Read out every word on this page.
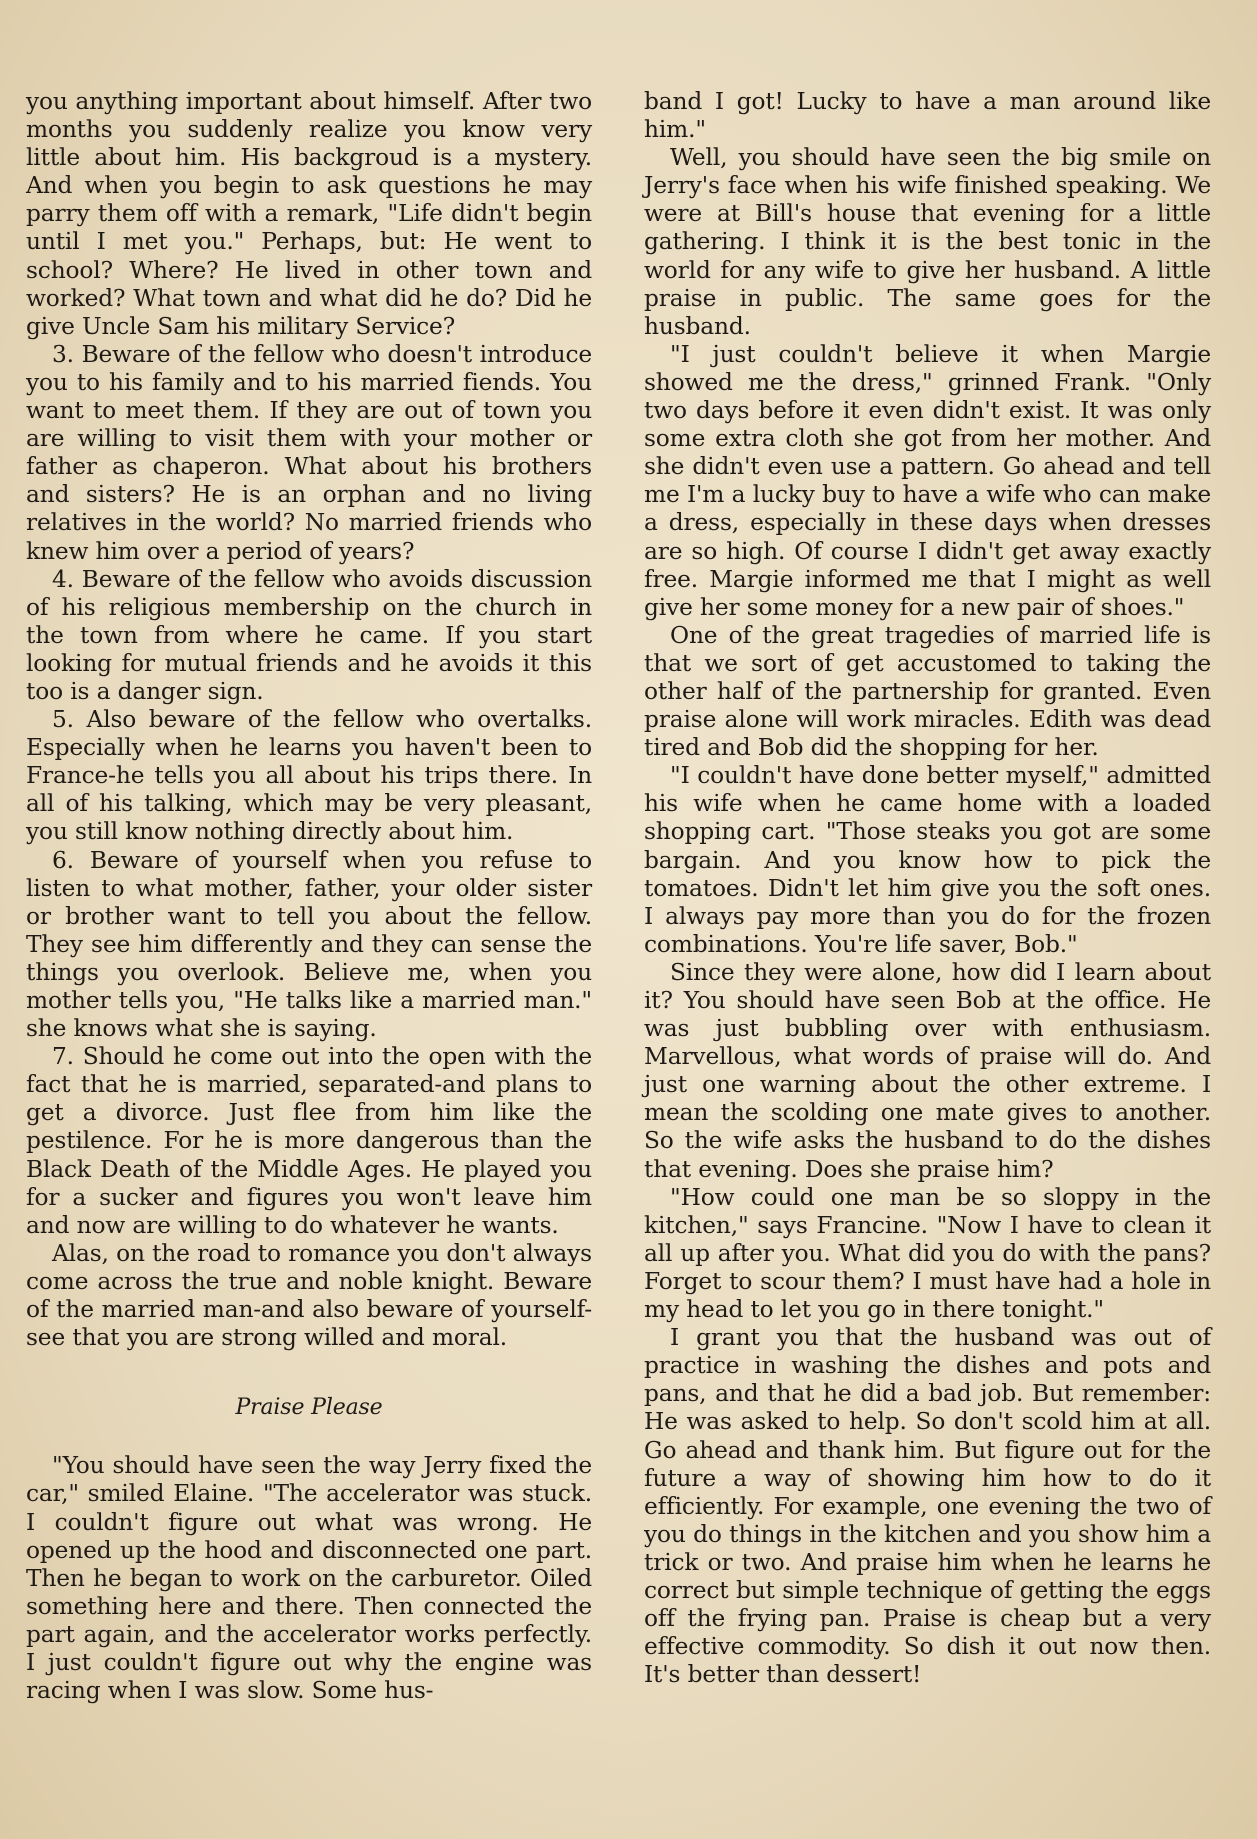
you anything important about himself. After two months you suddenly realize you know very little about him. His backgroud is a mystery. And when you begin to ask questions he may parry them off with a remark, "Life didn't begin until I met you." Perhaps, but: He went to school? Where? He lived in other town and worked? What town and what did he do? Did he give Uncle Sam his military Service?

3. Beware of the fellow who doesn't introduce you to his family and to his married fiends. You want to meet them. If they are out of town you are willing to visit them with your mother or father as chaperon. What about his brothers and sisters? He is an orphan and no living relatives in the world? No married friends who knew him over a period of years?

4. Beware of the fellow who avoids discussion of his religious membership on the church in the town from where he came. If you start looking for mutual friends and he avoids it this too is a danger sign.

5. Also beware of the fellow who overtalks. Especially when he learns you haven't been to France-he tells you all about his trips there. In all of his talking, which may be very pleasant, you still know nothing directly about him.

6. Beware of yourself when you refuse to listen to what mother, father, your older sister or brother want to tell you about the fellow. They see him differently and they can sense the things you overlook. Believe me, when you mother tells you, "He talks like a married man." she knows what she is saying.

7. Should he come out into the open with the fact that he is married, separated-and plans to get a divorce. Just flee from him like the pestilence. For he is more dangerous than the Black Death of the Middle Ages. He played you for a sucker and figures you won't leave him and now are willing to do whatever he wants.

Alas, on the road to romance you don't always come across the true and noble knight. Beware of the married man-and also beware of yourself-see that you are strong willed and moral.

Praise Please

"You should have seen the way Jerry fixed the car," smiled Elaine. "The accelerator was stuck. I couldn't figure out what was wrong. He opened up the hood and disconnected one part. Then he began to work on the carburetor. Oiled something here and there. Then connected the part again, and the accelerator works perfectly. I just couldn't figure out why the engine was racing when I was slow. Some hus-

band I got! Lucky to have a man around like him."

Well, you should have seen the big smile on Jerry's face when his wife finished speaking. We were at Bill's house that evening for a little gathering. I think it is the best tonic in the world for any wife to give her husband. A little praise in public. The same goes for the husband.

"I just couldn't believe it when Margie showed me the dress," grinned Frank. "Only two days before it even didn't exist. It was only some extra cloth she got from her mother. And she didn't even use a pattern. Go ahead and tell me I'm a lucky buy to have a wife who can make a dress, especially in these days when dresses are so high. Of course I didn't get away exactly free. Margie informed me that I might as well give her some money for a new pair of shoes."

One of the great tragedies of married life is that we sort of get accustomed to taking the other half of the partnership for granted. Even praise alone will work miracles. Edith was dead tired and Bob did the shopping for her.

"I couldn't have done better myself," admitted his wife when he came home with a loaded shopping cart. "Those steaks you got are some bargain. And you know how to pick the tomatoes. Didn't let him give you the soft ones. I always pay more than you do for the frozen combinations. You're life saver, Bob."

Since they were alone, how did I learn about it? You should have seen Bob at the office. He was just bubbling over with enthusiasm. Marvellous, what words of praise will do. And just one warning about the other extreme. I mean the scolding one mate gives to another. So the wife asks the husband to do the dishes that evening. Does she praise him?

"How could one man be so sloppy in the kitchen," says Francine. "Now I have to clean it all up after you. What did you do with the pans? Forget to scour them? I must have had a hole in my head to let you go in there tonight."

I grant you that the husband was out of practice in washing the dishes and pots and pans, and that he did a bad job. But remember: He was asked to help. So don't scold him at all. Go ahead and thank him. But figure out for the future a way of showing him how to do it efficiently. For example, one evening the two of you do things in the kitchen and you show him a trick or two. And praise him when he learns he correct but simple technique of getting the eggs off the frying pan. Praise is cheap but a very effective commodity. So dish it out now then. It's better than dessert!
